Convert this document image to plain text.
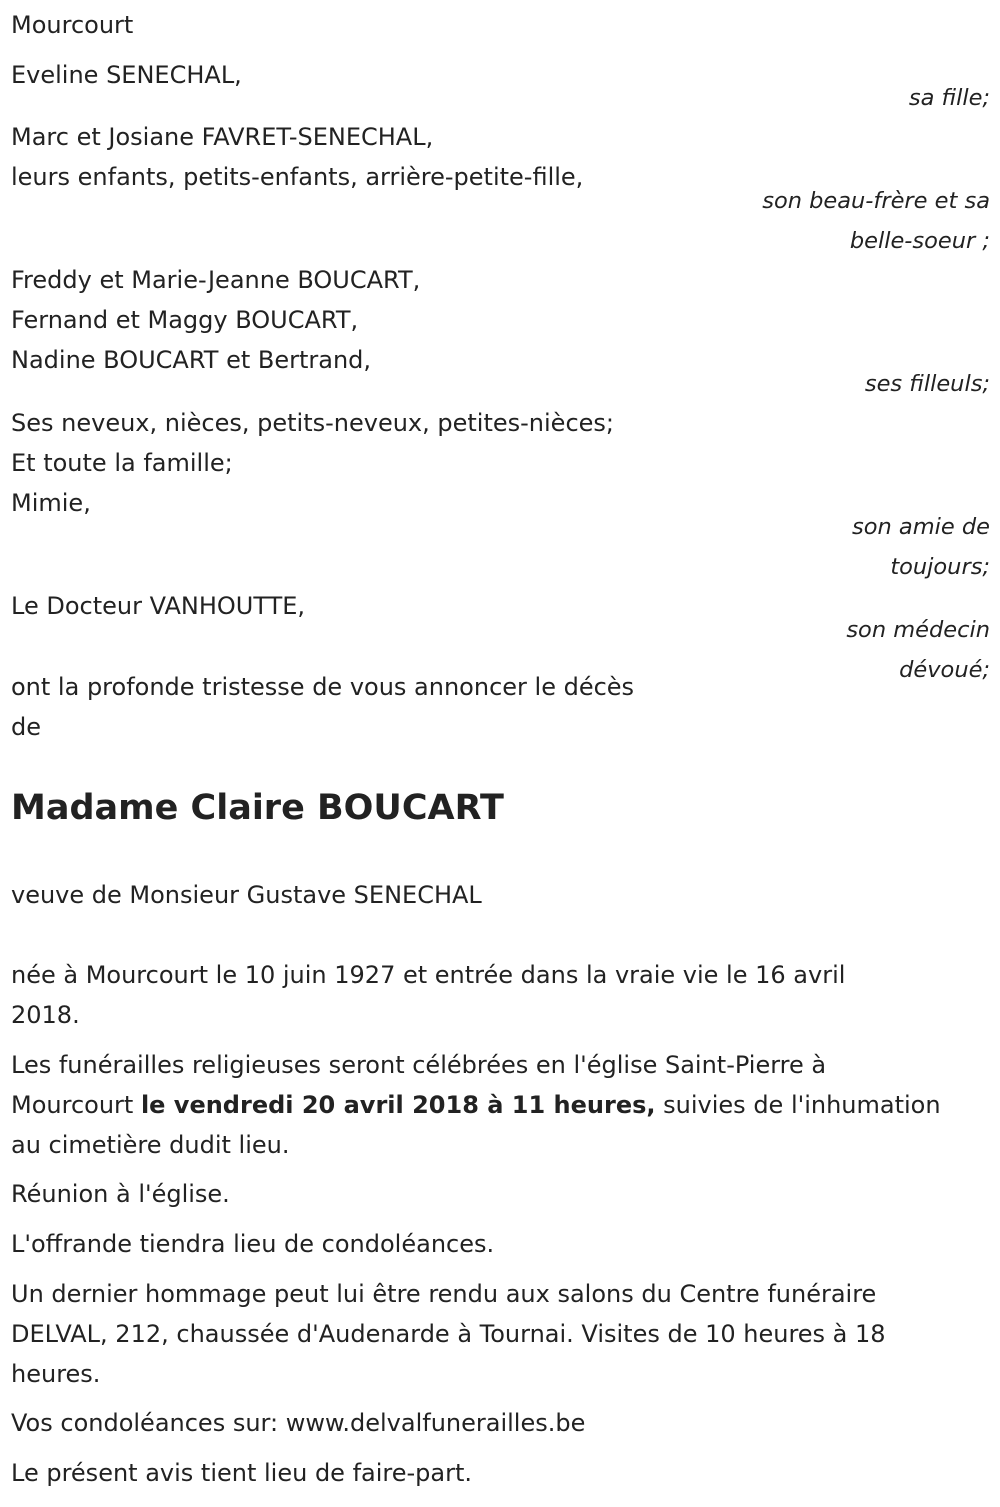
Mourcourt
Eveline SENECHAL,
sa fille;
Marc et Josiane FAVRET-SENECHAL,
leurs enfants, petits-enfants, arrière-petite-fille,
son beau-frère et sa
belle-soeur ;
Freddy et Marie-Jeanne BOUCART,
Fernand et Maggy BOUCART,
Nadine BOUCART et Bertrand,
ses filleuls;
Ses neveux, nièces, petits-neveux, petites-nièces;
Et toute la famille;
Mimie,
son amie de
toujours;
Le Docteur VANHOUTTE,
son médecin
dévoué;
ont la profonde tristesse de vous annoncer le décès
de
Madame Claire BOUCART
veuve de Monsieur Gustave SENECHAL
née à Mourcourt le 10 juin 1927 et entrée dans la vraie vie le 16 avril
2018.
Les funérailles religieuses seront célébrées en l'église Saint-Pierre à
Mourcourt le vendredi 20 avril 2018 à 11 heures, suivies de l'inhumation
au cimetière dudit lieu.
Réunion à l'église.
L'offrande tiendra lieu de condoléances.
Un dernier hommage peut lui être rendu aux salons du Centre funéraire
DELVAL, 212, chaussée d'Audenarde à Tournai. Visites de 10 heures à 18
heures.
Vos condoléances sur: www.delvalfunerailles.be
Le présent avis tient lieu de faire-part.
